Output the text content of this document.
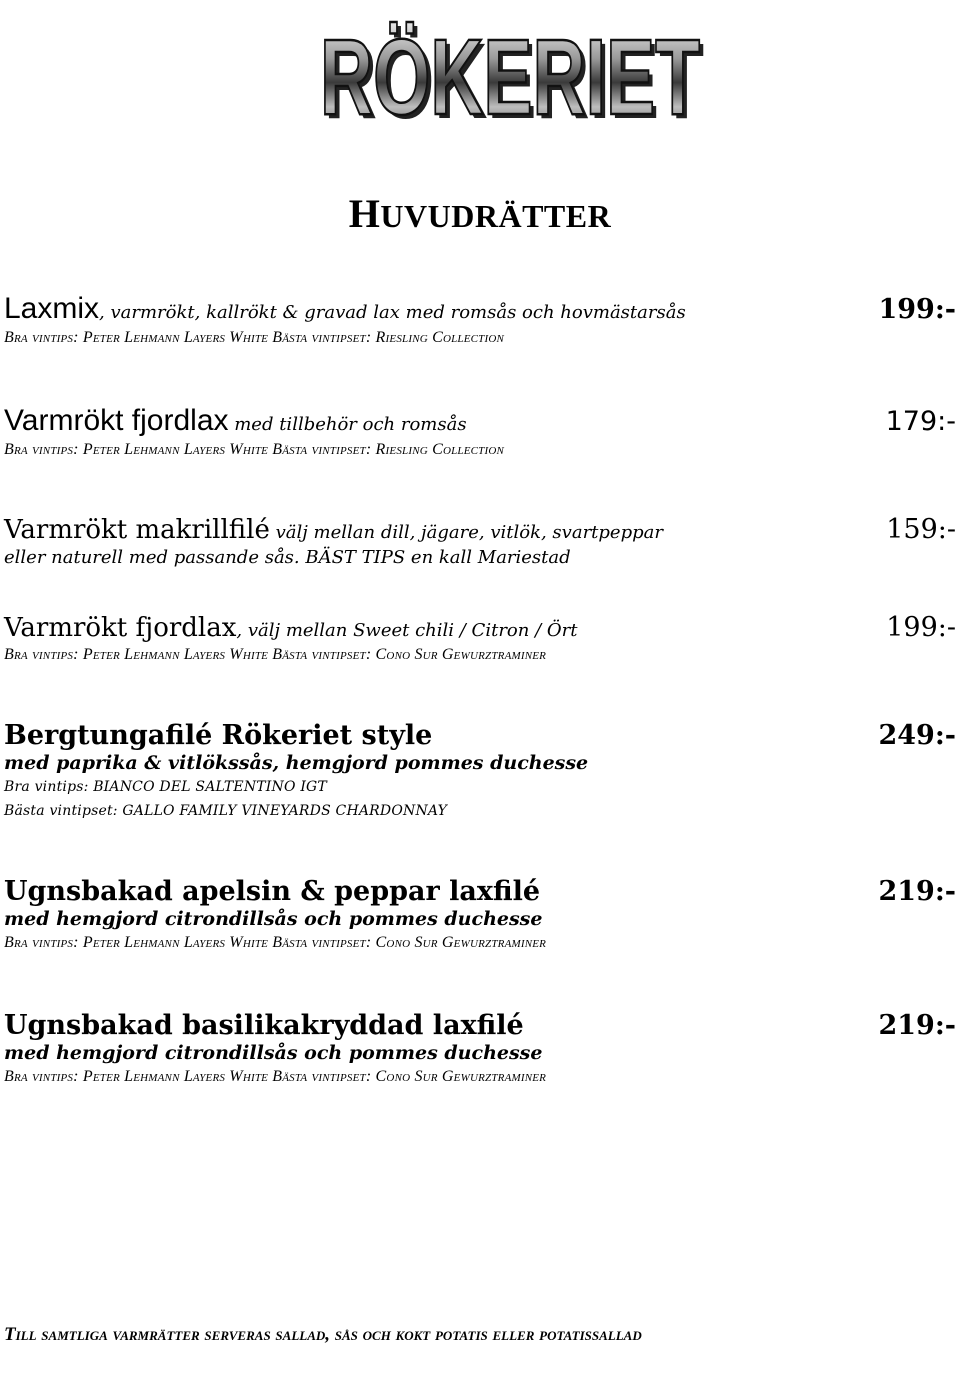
RÖKERIET
RÖKERIET
HUVUDRÄTTER
Laxmix, varmrökt, kallrökt & gravad lax med romsås och hovmästarsås	199:-
Bra vintips: Peter Lehmann Layers White Bästa vintipset: Riesling Collection
Varmrökt fjordlax med tillbehör och romsås	179:-
Bra vintips: Peter Lehmann Layers White Bästa vintipset: Riesling Collection
Varmrökt makrillfilé välj mellan dill, jägare, vitlök, svartpeppar	159:-
eller naturell med passande sås. BÄST TIPS en kall Mariestad
Varmrökt fjordlax, välj mellan Sweet chili / Citron / Ört	199:-
Bra vintips: Peter Lehmann Layers White Bästa vintipset: Cono Sur Gewurztraminer
Bergtungafilé Rökeriet style	249:-
med paprika & vitlökssås, hemgjord pommes duchesse
Bra vintips: BIANCO DEL SALTENTINO IGT
Bästa vintipset: GALLO FAMILY VINEYARDS CHARDONNAY
Ugnsbakad apelsin & peppar laxfilé	219:-
med hemgjord citrondillsås och pommes duchesse
Bra vintips: Peter Lehmann Layers White Bästa vintipset: Cono Sur Gewurztraminer
Ugnsbakad basilikakryddad laxfilé	219:-
med hemgjord citrondillsås och pommes duchesse
Bra vintips: Peter Lehmann Layers White Bästa vintipset: Cono Sur Gewurztraminer
Till samtliga varmrätter serveras sallad, sås och kokt potatis eller potatissallad
